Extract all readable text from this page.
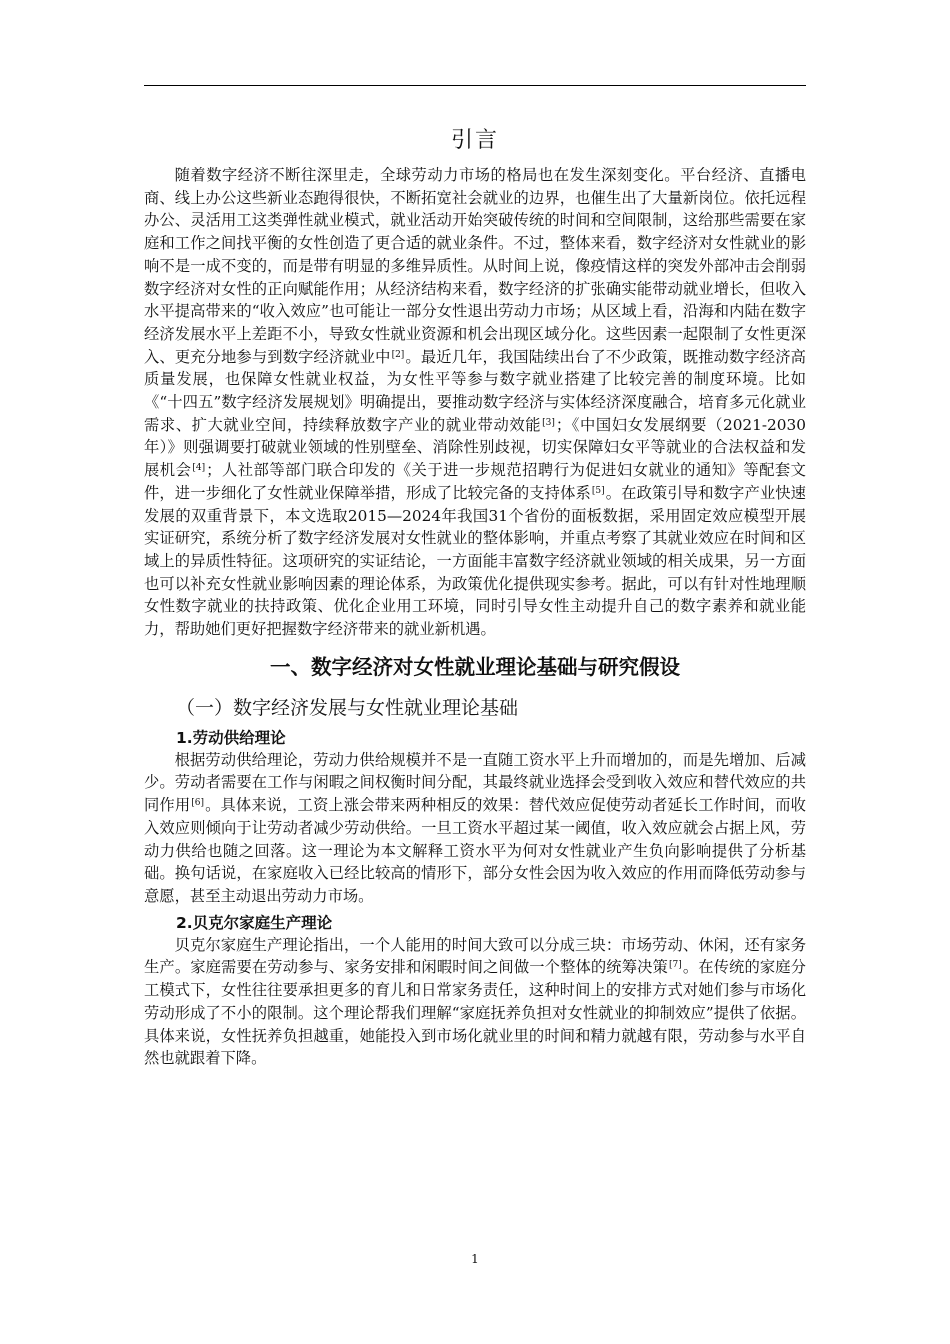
引言

随着数字经济不断往深里走，全球劳动力市场的格局也在发生深刻变化。平台经济、直播电商、线上办公这些新业态跑得很快，不断拓宽社会就业的边界，也催生出了大量新岗位。依托远程办公、灵活用工这类弹性就业模式，就业活动开始突破传统的时间和空间限制，这给那些需要在家庭和工作之间找平衡的女性创造了更合适的就业条件。不过，整体来看，数字经济对女性就业的影响不是一成不变的，而是带有明显的多维异质性。从时间上说，像疫情这样的突发外部冲击会削弱数字经济对女性的正向赋能作用；从经济结构来看，数字经济的扩张确实能带动就业增长，但收入水平提高带来的“收入效应”也可能让一部分女性退出劳动力市场；从区域上看，沿海和内陆在数字经济发展水平上差距不小，导致女性就业资源和机会出现区域分化。这些因素一起限制了女性更深入、更充分地参与到数字经济就业中[2]。最近几年，我国陆续出台了不少政策，既推动数字经济高质量发展，也保障女性就业权益，为女性平等参与数字就业搭建了比较完善的制度环境。比如《“十四五”数字经济发展规划》明确提出，要推动数字经济与实体经济深度融合，培育多元化就业需求、扩大就业空间，持续释放数字产业的就业带动效能[3]；《中国妇女发展纲要（2021-2030年）》则强调要打破就业领域的性别壁垒、消除性别歧视，切实保障妇女平等就业的合法权益和发展机会[4]；人社部等部门联合印发的《关于进一步规范招聘行为促进妇女就业的通知》等配套文件，进一步细化了女性就业保障举措，形成了比较完备的支持体系[5]。在政策引导和数字产业快速发展的双重背景下，本文选取2015—2024年我国31个省份的面板数据，采用固定效应模型开展实证研究，系统分析了数字经济发展对女性就业的整体影响，并重点考察了其就业效应在时间和区域上的异质性特征。这项研究的实证结论，一方面能丰富数字经济就业领域的相关成果，另一方面也可以补充女性就业影响因素的理论体系，为政策优化提供现实参考。据此，可以有针对性地理顺女性数字就业的扶持政策、优化企业用工环境，同时引导女性主动提升自己的数字素养和就业能力，帮助她们更好把握数字经济带来的就业新机遇。

一、数字经济对女性就业理论基础与研究假设
（一）数字经济发展与女性就业理论基础
1.劳动供给理论

根据劳动供给理论，劳动力供给规模并不是一直随工资水平上升而增加的，而是先增加、后减少。劳动者需要在工作与闲暇之间权衡时间分配，其最终就业选择会受到收入效应和替代效应的共同作用[6]。具体来说，工资上涨会带来两种相反的效果：替代效应促使劳动者延长工作时间，而收入效应则倾向于让劳动者减少劳动供给。一旦工资水平超过某一阈值，收入效应就会占据上风，劳动力供给也随之回落。这一理论为本文解释工资水平为何对女性就业产生负向影响提供了分析基础。换句话说，在家庭收入已经比较高的情形下，部分女性会因为收入效应的作用而降低劳动参与意愿，甚至主动退出劳动力市场。

2.贝克尔家庭生产理论

贝克尔家庭生产理论指出，一个人能用的时间大致可以分成三块：市场劳动、休闲，还有家务生产。家庭需要在劳动参与、家务安排和闲暇时间之间做一个整体的统筹决策[7]。在传统的家庭分工模式下，女性往往要承担更多的育儿和日常家务责任，这种时间上的安排方式对她们参与市场化劳动形成了不小的限制。这个理论帮我们理解“家庭抚养负担对女性就业的抑制效应”提供了依据。具体来说，女性抚养负担越重，她能投入到市场化就业里的时间和精力就越有限，劳动参与水平自然也就跟着下降。

1
